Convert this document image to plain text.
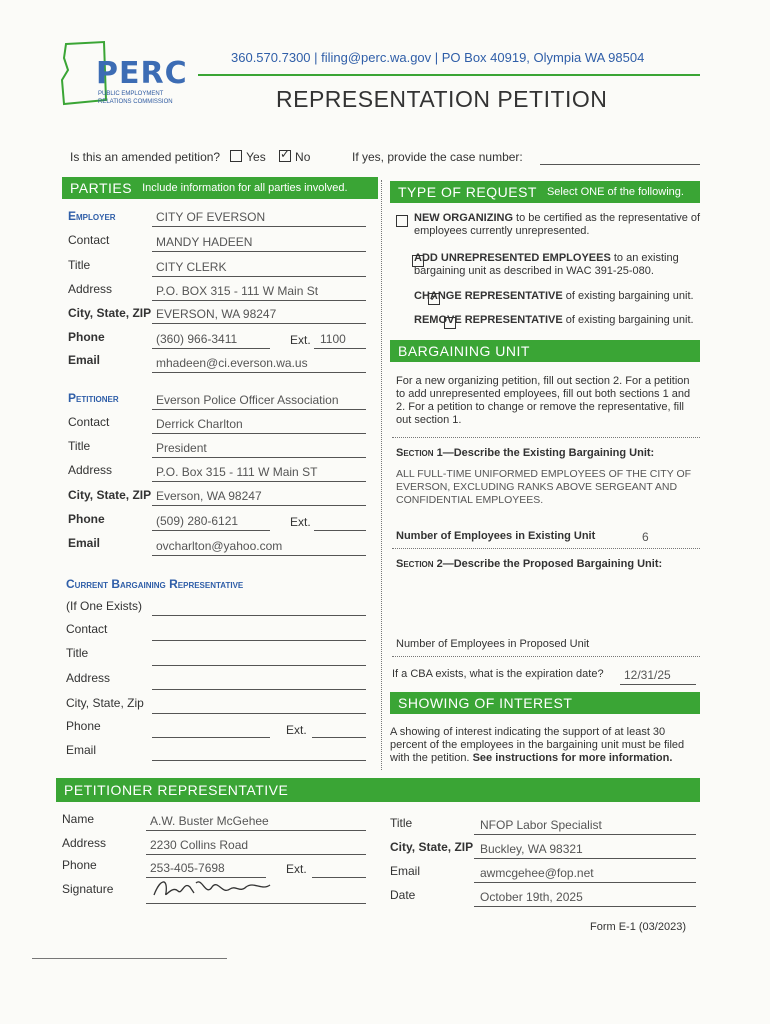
PERC
PUBLIC EMPLOYMENT RELATIONS COMMISSION
360.570.7300 | filing@perc.wa.gov | PO Box 40919, Olympia WA 98504
REPRESENTATION PETITION
Is this an amended petition? Yes    ✓ No	If yes, provide the case number:
PARTIES Include information for all parties involved.
Employer	CITY OF EVERSON
Contact	MANDY HADEEN
Title	CITY CLERK
Address	P.O. BOX 315 - 111 W Main St
City, State, ZIP EVERSON, WA 98247
Phone	(360) 966-3411	Ext. 1100
Email	mhadeen@ci.everson.wa.us
Petitioner	Everson Police Officer Association
Contact	Derrick Charlton
Title	President
Address	P.O. Box 315 - 111 W Main ST
City, State, ZIP Everson, WA 98247
Phone	(509) 280-6121	Ext.
Email	ovcharlton@yahoo.com
Current Bargaining Representative
(If One Exists)
Contact
Title
Address
City, State, Zip
Phone	Ext.
Email
TYPE OF REQUEST Select ONE of the following.
NEW ORGANIZING to be certified as the representative of employees currently unrepresented.
ADD UNREPRESENTED EMPLOYEES to an existing bargaining unit as described in WAC 391-25-080.
✓
CHANGE REPRESENTATIVE of existing bargaining unit.
REMOVE REPRESENTATIVE of existing bargaining unit.
BARGAINING UNIT
For a new organizing petition, fill out section 2. For a petition to add unrepresented employees, fill out both sections 1 and 2. For a petition to change or remove the representative, fill out section 1.
Section 1—Describe the Existing Bargaining Unit:
ALL FULL-TIME UNIFORMED EMPLOYEES OF THE CITY OF EVERSON, EXCLUDING RANKS ABOVE SERGEANT AND CONFIDENTIAL EMPLOYEES.
Number of Employees in Existing Unit	6
Section 2—Describe the Proposed Bargaining Unit:
Number of Employees in Proposed Unit
If a CBA exists, what is the expiration date? 12/31/25
SHOWING OF INTEREST
A showing of interest indicating the support of at least 30 percent of the employees in the bargaining unit must be filed with the petition. See instructions for more information.
PETITIONER REPRESENTATIVE
Name	A.W. Buster McGehee
Address	2230 Collins Road
Phone	253-405-7698	Ext.
Signature
Title	NFOP Labor Specialist
City, State, ZIP Buckley, WA 98321
Email	awmcgehee@fop.net
Date	October 19th, 2025
Form E-1 (03/2023)
